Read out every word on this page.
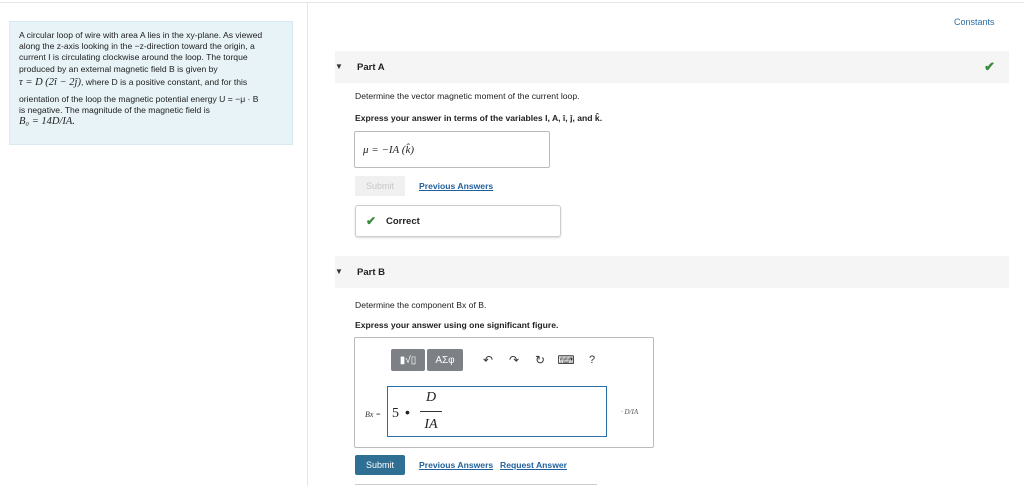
A circular loop of wire with area A lies in the xy-plane. As viewed

along the z-axis looking in the −z-direction toward the origin, a

current I is circulating clockwise around the loop. The torque

produced by an external magnetic field B is given by

τ = D (2î − 2ĵ), where D is a positive constant, and for this

orientation of the loop the magnetic potential energy U = −μ · B

is negative. The magnitude of the magnetic field is

B₀ = 14D/IA.

Constants
▼ Part A	✔
Determine the vector magnetic moment of the current loop.
Express your answer in terms of the variables I, A, î, ĵ, and k̂.
μ = −IA (k̂)
Submit	Previous Answers
✔ Correct
▼ Part B
Determine the component Bx of B.
Express your answer using one significant figure.
▮√▯	ΑΣφ	↶	↷	↻	⌨	?
Bx = 5 •
D
IA
· D/IA
Submit	Previous Answers Request Answer
